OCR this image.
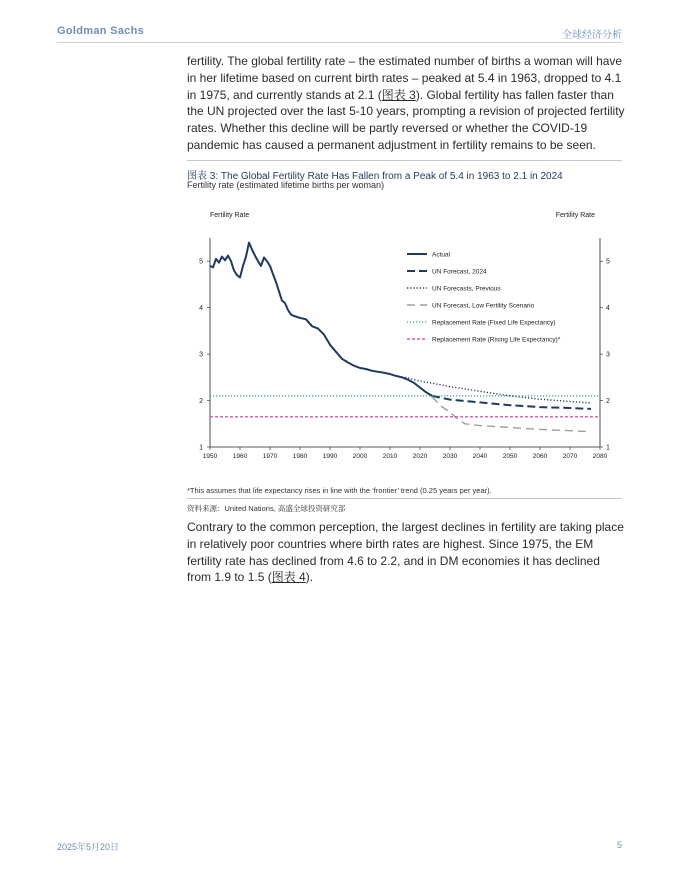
Goldman Sachs	全球经济分析
fertility. The global fertility rate – the estimated number of births a woman will have in her lifetime based on current birth rates – peaked at 5.4 in 1963, dropped to 4.1 in 1975, and currently stands at 2.1 (图表 3). Global fertility has fallen faster than the UN projected over the last 5-10 years, prompting a revision of projected fertility rates. Whether this decline will be partly reversed or whether the COVID-19 pandemic has caused a permanent adjustment in fertility remains to be seen.
图表 3: The Global Fertility Rate Has Fallen from a Peak of 5.4 in 1963 to 2.1 in 2024
Fertility rate (estimated lifetime births per woman)
Fertility Rate	Fertility Rate
1	1
2	2
3	3
4	4
5	5
1950 1960 1970 1980 1990 2000 2010 2020 2030 2040 2050 2060 2070 2080
Actual
UN Forecast, 2024
UN Forecasts, Previous
UN Forecast, Low Fertility Scenario
Replacement Rate (Fixed Life Expectancy)
Replacement Rate (Rising Life Expectancy)*
*This assumes that life expectancy rises in line with the ‘frontier’ trend (0.25 years per year).
资料来源：United Nations, 高盛全球投资研究部
Contrary to the common perception, the largest declines in fertility are taking place in relatively poor countries where birth rates are highest. Since 1975, the EM fertility rate has declined from 4.6 to 2.2, and in DM economies it has declined from 1.9 to 1.5 (图表 4).
2025年5月20日	5
